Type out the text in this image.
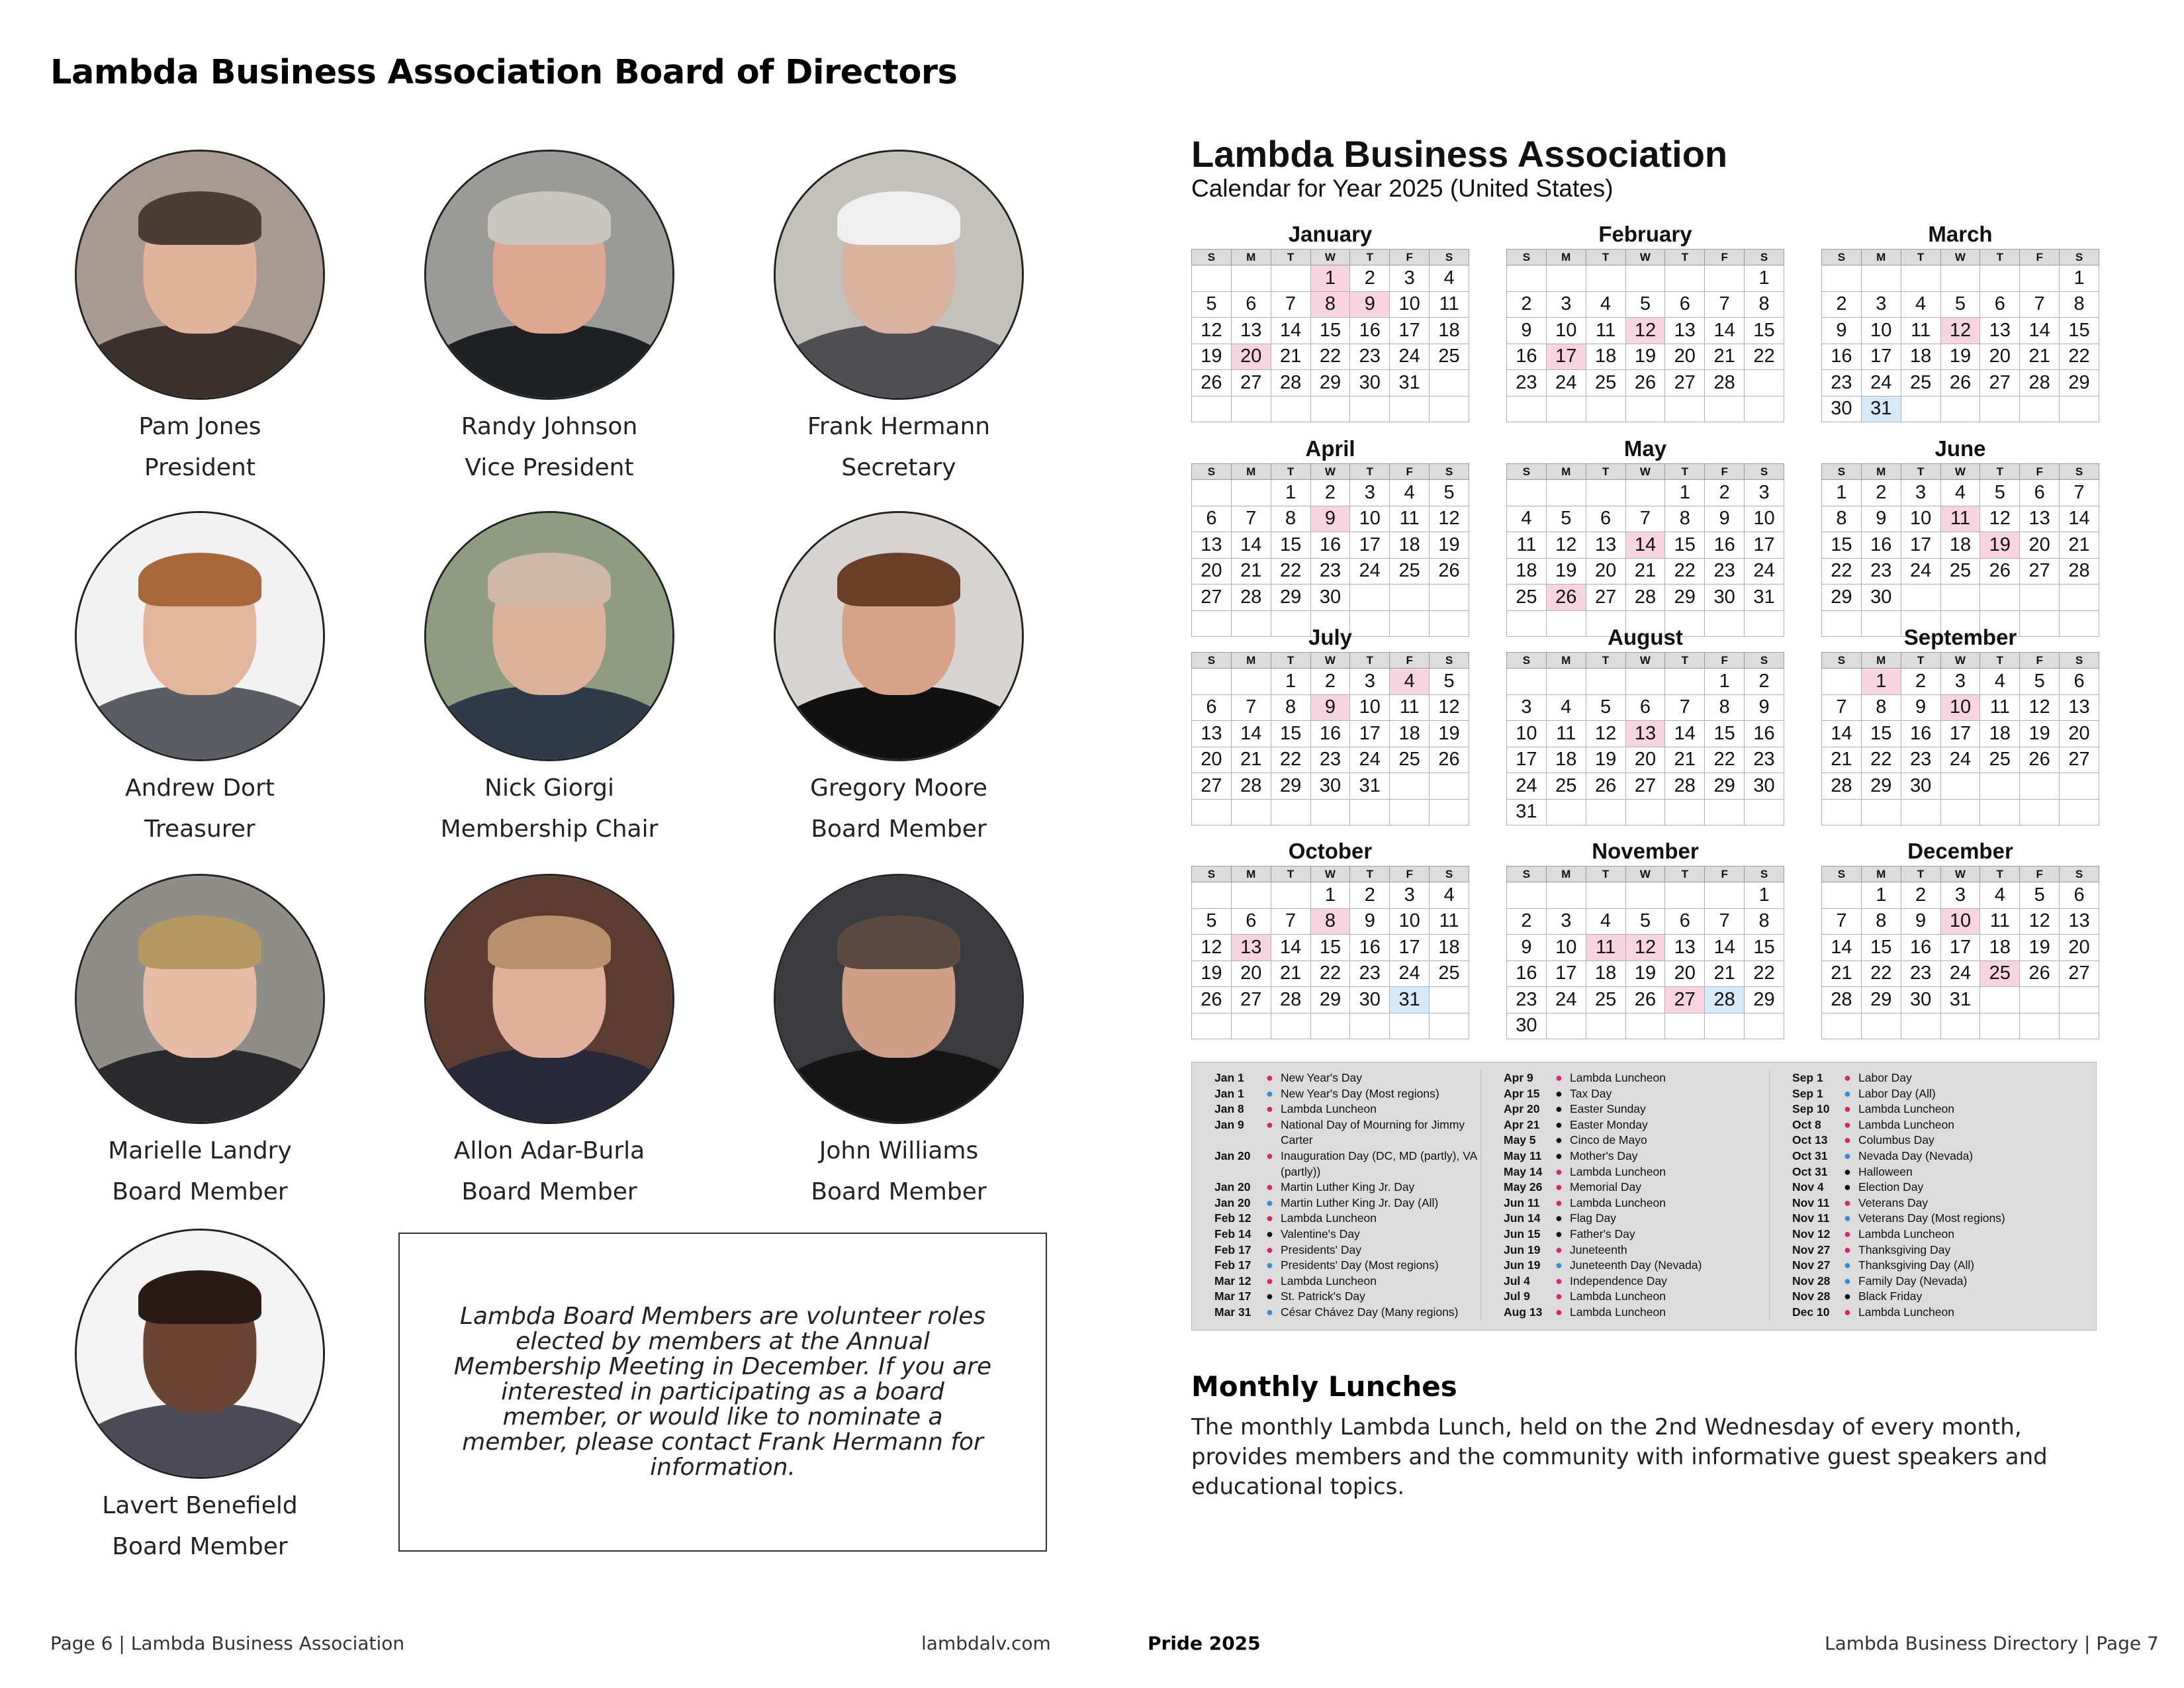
Lambda Business Association Board of Directors
Pam Jones
President
Randy Johnson
Vice President
Frank Hermann
Secretary
Andrew Dort
Treasurer
Nick Giorgi
Membership Chair
Gregory Moore
Board Member
Marielle Landry
Board Member
Allon Adar-Burla
Board Member
John Williams
Board Member
Lavert Benefield
Board Member

Lambda Board Members are volunteer roles elected by members at the Annual Membership Meeting in December. If you are interested in participating as a board member, or would like to nominate a member, please contact Frank Hermann for information.

Lambda Business Association
Calendar for Year 2025 (United States)
January
S	M	T	W	T	F	S
			1	2	3	4
5	6	7	8	9	10	11
12	13	14	15	16	17	18
19	20	21	22	23	24	25
26	27	28	29	30	31	

February
S	M	T	W	T	F	S
						1
2	3	4	5	6	7	8
9	10	11	12	13	14	15
16	17	18	19	20	21	22
23	24	25	26	27	28	

March
S	M	T	W	T	F	S
						1
2	3	4	5	6	7	8
9	10	11	12	13	14	15
16	17	18	19	20	21	22
23	24	25	26	27	28	29
30	31					
April
S	M	T	W	T	F	S
		1	2	3	4	5
6	7	8	9	10	11	12
13	14	15	16	17	18	19
20	21	22	23	24	25	26
27	28	29	30			

May
S	M	T	W	T	F	S
				1	2	3
4	5	6	7	8	9	10
11	12	13	14	15	16	17
18	19	20	21	22	23	24
25	26	27	28	29	30	31

June
S	M	T	W	T	F	S
1	2	3	4	5	6	7
8	9	10	11	12	13	14
15	16	17	18	19	20	21
22	23	24	25	26	27	28
29	30					

July
S	M	T	W	T	F	S
		1	2	3	4	5
6	7	8	9	10	11	12
13	14	15	16	17	18	19
20	21	22	23	24	25	26
27	28	29	30	31		

August
S	M	T	W	T	F	S
					1	2
3	4	5	6	7	8	9
10	11	12	13	14	15	16
17	18	19	20	21	22	23
24	25	26	27	28	29	30
31						
September
S	M	T	W	T	F	S
	1	2	3	4	5	6
7	8	9	10	11	12	13
14	15	16	17	18	19	20
21	22	23	24	25	26	27
28	29	30				

October
S	M	T	W	T	F	S
			1	2	3	4
5	6	7	8	9	10	11
12	13	14	15	16	17	18
19	20	21	22	23	24	25
26	27	28	29	30	31	

November
S	M	T	W	T	F	S
						1
2	3	4	5	6	7	8
9	10	11	12	13	14	15
16	17	18	19	20	21	22
23	24	25	26	27	28	29
30						
December
S	M	T	W	T	F	S
	1	2	3	4	5	6
7	8	9	10	11	12	13
14	15	16	17	18	19	20
21	22	23	24	25	26	27
28	29	30	31			

Jan 1	● New Year's Day
Jan 1	● New Year's Day (Most regions)
Jan 8	● Lambda Luncheon
Jan 9	● National Day of Mourning for Jimmy Carter
Jan 20	● Inauguration Day (DC, MD (partly), VA (partly))
Jan 20	● Martin Luther King Jr. Day
Jan 20	● Martin Luther King Jr. Day (All)
Feb 12	● Lambda Luncheon
Feb 14	● Valentine's Day
Feb 17	● Presidents' Day
Feb 17	● Presidents' Day (Most regions)
Mar 12	● Lambda Luncheon
Mar 17	● St. Patrick's Day
Mar 31	● César Chávez Day (Many regions)
Apr 9	● Lambda Luncheon
Apr 15	● Tax Day
Apr 20	● Easter Sunday
Apr 21	● Easter Monday
May 5	● Cinco de Mayo
May 11	● Mother's Day
May 14	● Lambda Luncheon
May 26	● Memorial Day
Jun 11	● Lambda Luncheon
Jun 14	● Flag Day
Jun 15	● Father's Day
Jun 19	● Juneteenth
Jun 19	● Juneteenth Day (Nevada)
Jul 4	● Independence Day
Jul 9	● Lambda Luncheon
Aug 13	● Lambda Luncheon
Sep 1	● Labor Day
Sep 1	● Labor Day (All)
Sep 10	● Lambda Luncheon
Oct 8	● Lambda Luncheon
Oct 13	● Columbus Day
Oct 31	● Nevada Day (Nevada)
Oct 31	● Halloween
Nov 4	● Election Day
Nov 11	● Veterans Day
Nov 11	● Veterans Day (Most regions)
Nov 12	● Lambda Luncheon
Nov 27	● Thanksgiving Day
Nov 27	● Thanksgiving Day (All)
Nov 28	● Family Day (Nevada)
Nov 28	● Black Friday
Dec 10	● Lambda Luncheon
Monthly Lunches
The monthly Lambda Lunch, held on the 2nd Wednesday of every month, provides members and the community with informative guest speakers and educational topics.
Page 6 | Lambda Business Association	lambdalv.com	Pride 2025	Lambda Business Directory | Page 7
